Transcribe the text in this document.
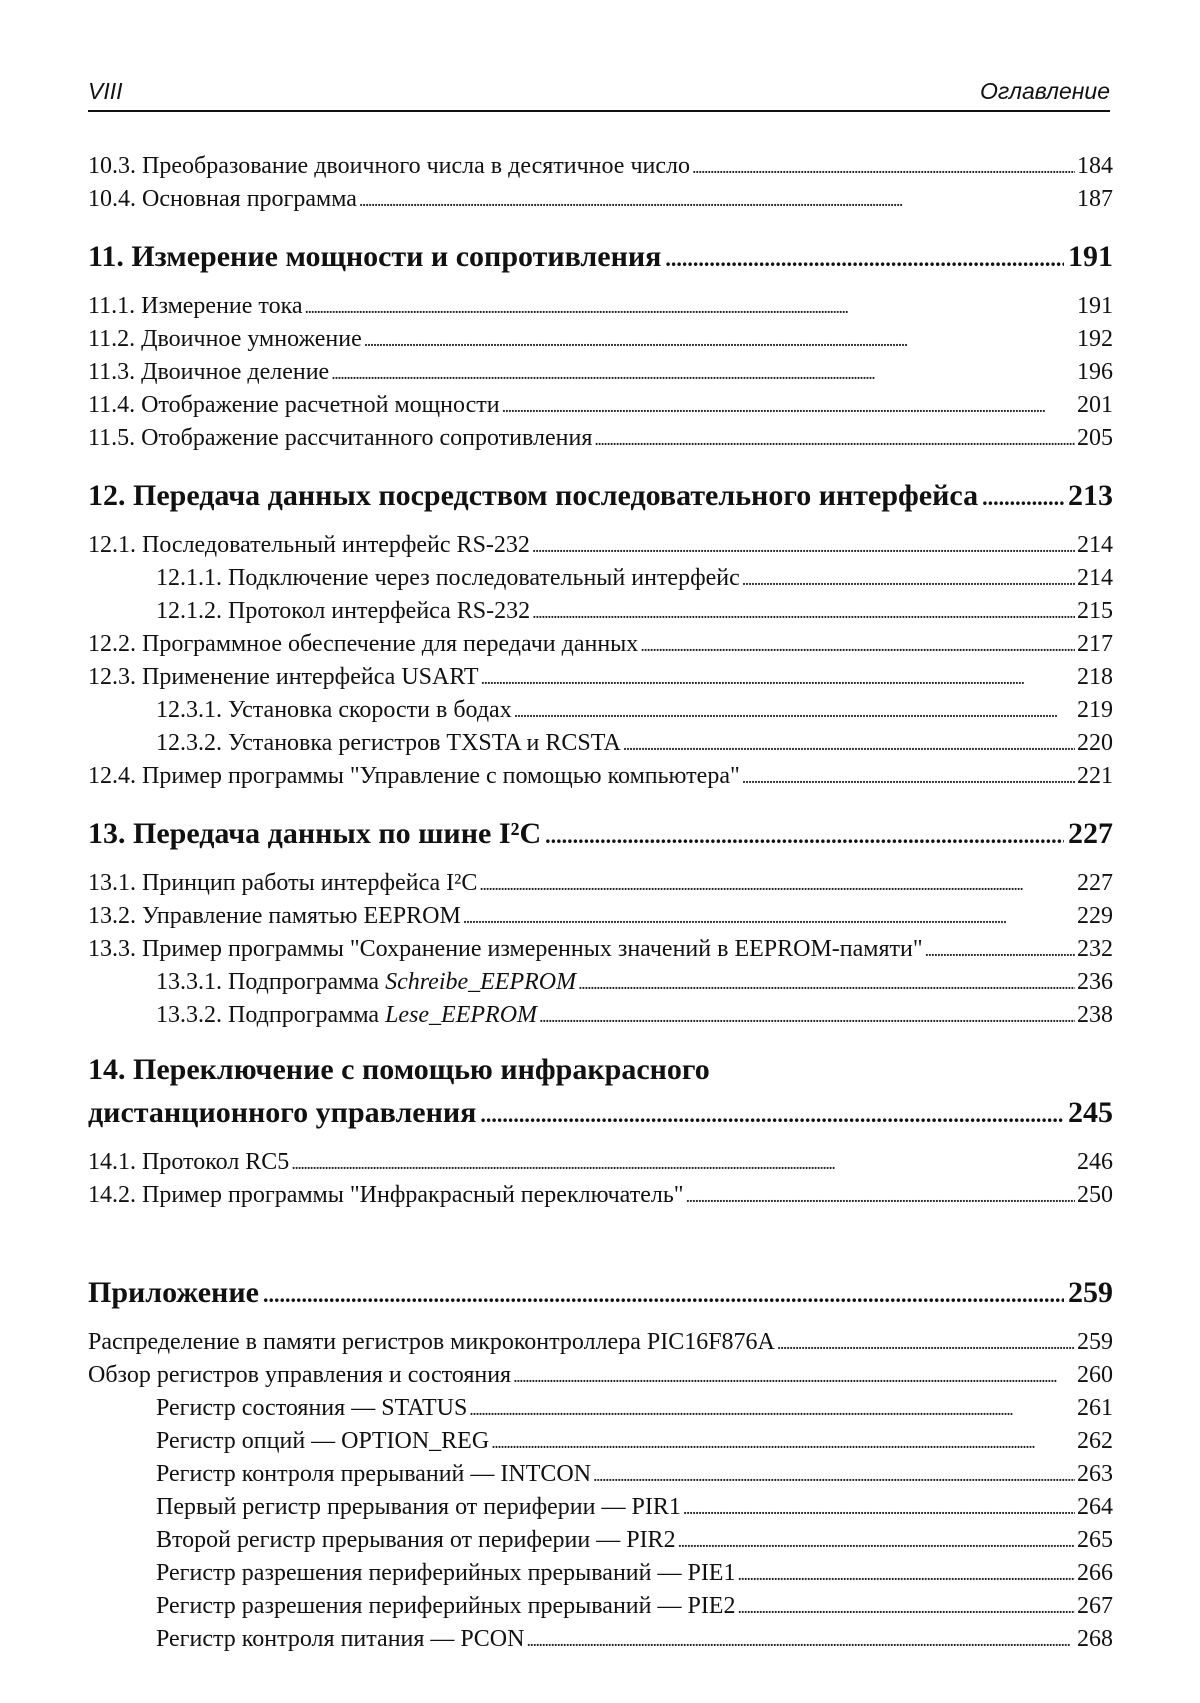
VIII	Оглавление
10.3. Преобразование двоичного числа в десятичное число . . .	184
10.4. Основная программа . . .	187
11. Измерение мощности и сопротивления .....	191
11.1. Измерение тока . . .	191
11.2. Двоичное умножение . . .	192
11.3. Двоичное деление . . .	196
11.4. Отображение расчетной мощности . . .	201
11.5. Отображение рассчитанного сопротивления . . .	205
12. Передача данных посредством последовательного интерфейса .....	213
12.1. Последовательный интерфейс RS-232 . . .	214
12.1.1. Подключение через последовательный интерфейс . . .	214
12.1.2. Протокол интерфейса RS-232 . . .	215
12.2. Программное обеспечение для передачи данных . . .	217
12.3. Применение интерфейса USART . . .	218
12.3.1. Установка скорости в бодах . . .	219
12.3.2. Установка регистров TXSTA и RCSTA . . .	220
12.4. Пример программы "Управление с помощью компьютера" . . .	221
13. Передача данных по шине I²C .....	227
13.1. Принцип работы интерфейса I²C . . .	227
13.2. Управление памятью EEPROM . . .	229
13.3. Пример программы "Сохранение измеренных значений в EEPROM-памяти" . . .	232
13.3.1. Подпрограмма Schreibe_EEPROM . . .	236
13.3.2. Подпрограмма Lese_EEPROM . . .	238
14. Переключение с помощью инфракрасного
дистанционного управления .....	245
14.1. Протокол RC5 . . .	246
14.2. Пример программы "Инфракрасный переключатель" . . .	250
Приложение .....	259
Распределение в памяти регистров микроконтроллера PIC16F876A . . .	259
Обзор регистров управления и состояния . . .	260
Регистр состояния — STATUS . . .	261
Регистр опций — OPTION_REG . . .	262
Регистр контроля прерываний — INTCON . . .	263
Первый регистр прерывания от периферии — PIR1 . . .	264
Второй регистр прерывания от периферии — PIR2 . . .	265
Регистр разрешения периферийных прерываний — PIE1 . . .	266
Регистр разрешения периферийных прерываний — PIE2 . . .	267
Регистр контроля питания — PCON . . .	268
